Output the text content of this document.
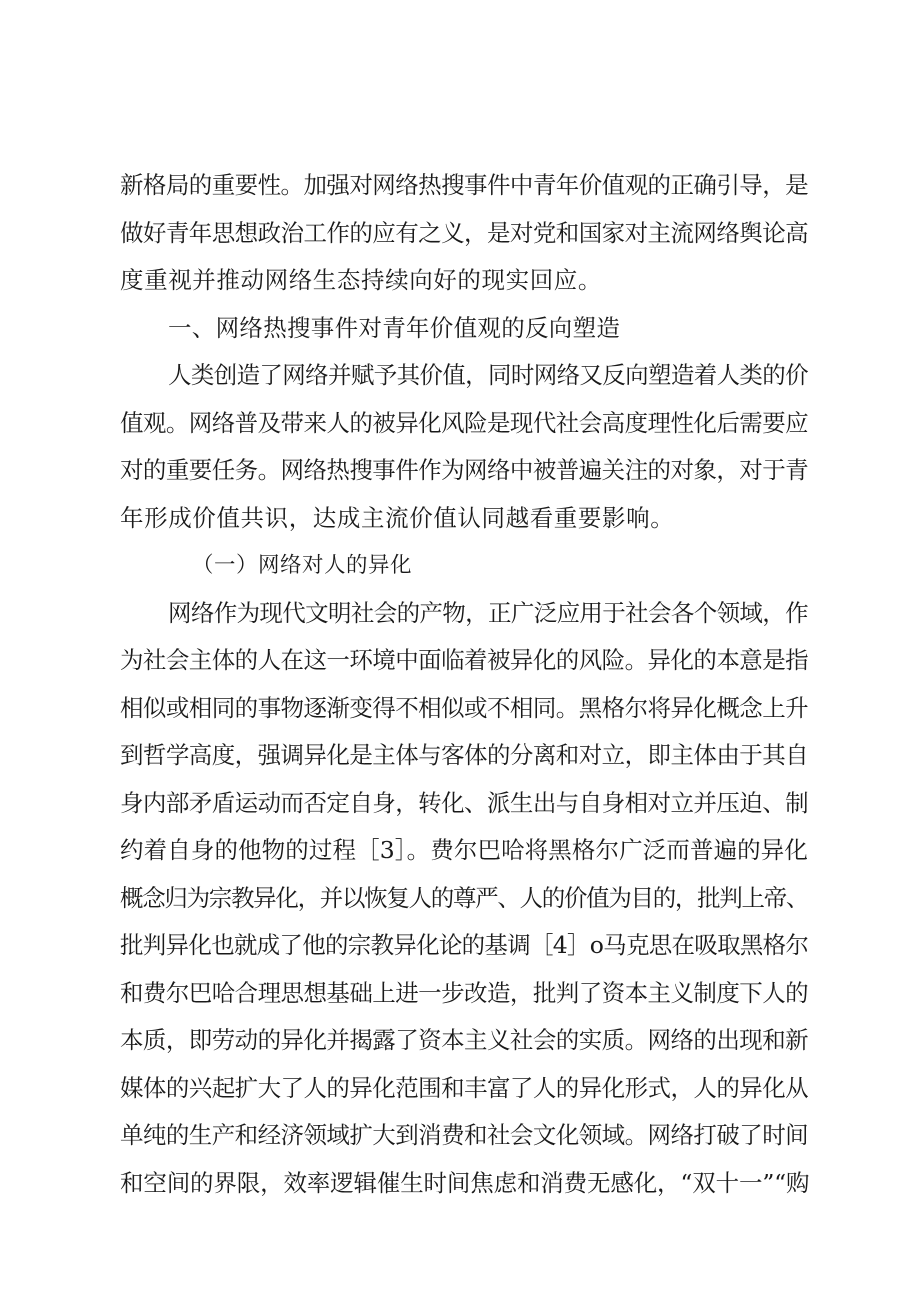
新格局的重要性。加强对网络热搜事件中青年价值观的正确引导，是
做好青年思想政治工作的应有之义，是对党和国家对主流网络舆论高
度重视并推动网络生态持续向好的现实回应。
一、网络热搜事件对青年价值观的反向塑造
人类创造了网络并赋予其价值，同时网络又反向塑造着人类的价
值观。网络普及带来人的被异化风险是现代社会高度理性化后需要应
对的重要任务。网络热搜事件作为网络中被普遍关注的对象，对于青
年形成价值共识，达成主流价值认同越看重要影响。
（一）网络对人的异化
网络作为现代文明社会的产物，正广泛应用于社会各个领域，作
为社会主体的人在这一环境中面临着被异化的风险。异化的本意是指
相似或相同的事物逐渐变得不相似或不相同。黑格尔将异化概念上升
到哲学高度，强调异化是主体与客体的分离和对立，即主体由于其自
身内部矛盾运动而否定自身，转化、派生出与自身相对立并压迫、制
约着自身的他物的过程［3］。费尔巴哈将黑格尔广泛而普遍的异化
概念归为宗教异化，并以恢复人的尊严、人的价值为目的，批判上帝、
批判异化也就成了他的宗教异化论的基调［4］o马克思在吸取黑格尔
和费尔巴哈合理思想基础上进一步改造，批判了资本主义制度下人的
本质，即劳动的异化并揭露了资本主义社会的实质。网络的出现和新
媒体的兴起扩大了人的异化范围和丰富了人的异化形式，人的异化从
单纯的生产和经济领域扩大到消费和社会文化领域。网络打破了时间
和空间的界限，效率逻辑催生时间焦虑和消费无感化，“双十一”“购
